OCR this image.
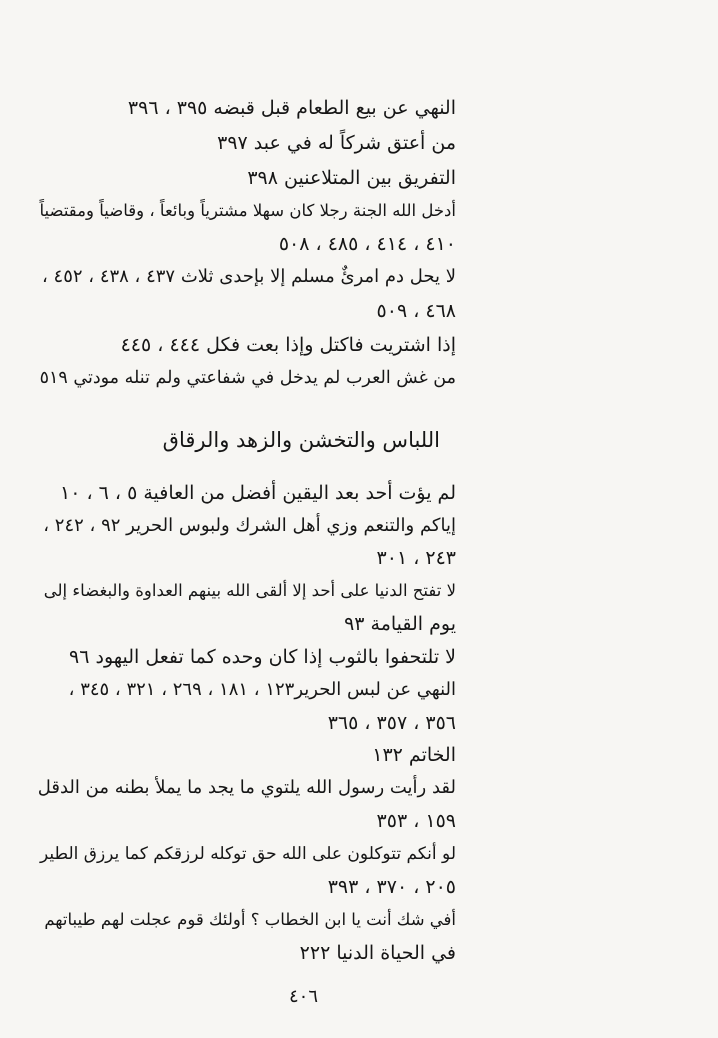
النهي عن بيع الطعام قبل قبضه ٣٩٥ ، ٣٩٦
من أعتق شركاً له في عبد ٣٩٧
التفريق بين المتلاعنين ٣٩٨
أدخل الله الجنة رجلا كان سهلا مشترياً وبائعاً ، وقاضياً ومقتضياً
٤١٠ ، ٤١٤ ، ٤٨٥ ، ٥٠٨
لا يحل دم امرئٌ مسلم إلا بإحدى ثلاث ٤٣٧ ، ٤٣٨ ، ٤٥٢ ،
٤٦٨ ، ٥٠٩
إذا اشتريت فاكتل وإذا بعت فكل ٤٤٤ ، ٤٤٥
من غش العرب لم يدخل في شفاعتي ولم تنله مودتي ٥١٩
اللباس والتخشن والزهد والرقاق
لم يؤت أحد بعد اليقين أفضل من العافية ٥ ، ٦ ، ١٠
إياكم والتنعم وزي أهل الشرك ولبوس الحرير ٩٢ ، ٢٤٢ ،
٢٤٣ ، ٣٠١
لا تفتح الدنيا على أحد إلا ألقى الله بينهم العداوة والبغضاء إلى
يوم القيامة ٩٣
لا تلتحفوا بالثوب إذا كان وحده كما تفعل اليهود ٩٦
النهي عن لبس الحرير١٢٣ ، ١٨١ ، ٢٦٩ ، ٣٢١ ، ٣٤٥ ،
٣٥٦ ، ٣٥٧ ، ٣٦٥
الخاتم ١٣٢
لقد رأيت رسول الله يلتوي ما يجد ما يملأ بطنه من الدقل
١٥٩ ، ٣٥٣
لو أنكم تتوكلون على الله حق توكله لرزقكم كما يرزق الطير
٢٠٥ ، ٣٧٠ ، ٣٩٣
أفي شك أنت يا ابن الخطاب ؟ أولئك قوم عجلت لهم طيباتهم
في الحياة الدنيا ٢٢٢
٤٠٦
